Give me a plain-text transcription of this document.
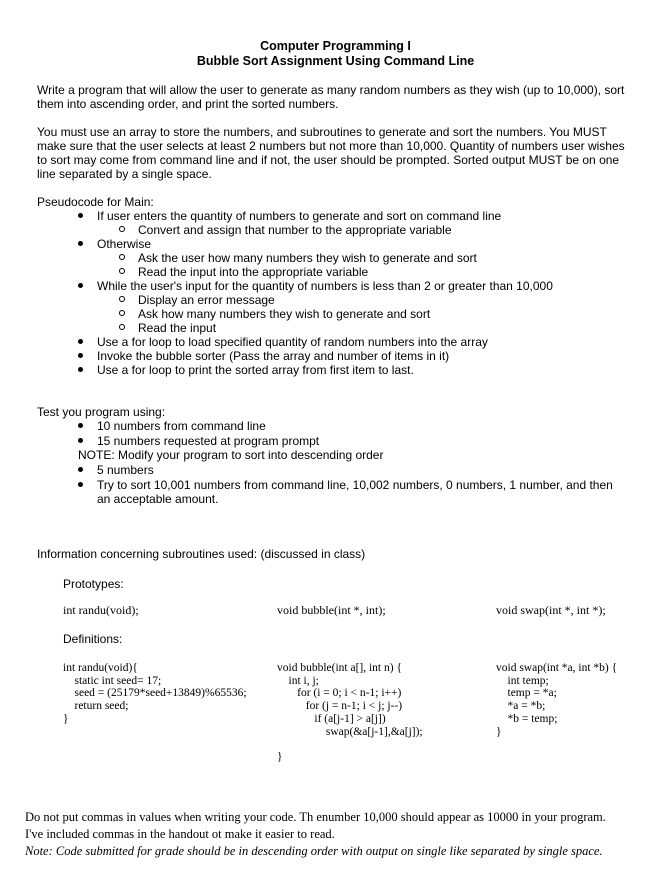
Computer Programming I
Bubble Sort Assignment Using Command Line
Write a program that will allow the user to generate as many random numbers as they wish (up to 10,000), sort them into ascending order, and print the sorted numbers.
You must use an array to store the numbers, and subroutines to generate and sort the numbers. You MUST make sure that the user selects at least 2 numbers but not more than 10,000. Quantity of numbers user wishes to sort may come from command line and if not, the user should be prompted. Sorted output MUST be on one line separated by a single space.
Pseudocode for Main:
If user enters the quantity of numbers to generate and sort on command line
Convert and assign that number to the appropriate variable
Otherwise
Ask the user how many numbers they wish to generate and sort
Read the input into the appropriate variable
While the user's input for the quantity of numbers is less than 2 or greater than 10,000
Display an error message
Ask how many numbers they wish to generate and sort
Read the input
Use a for loop to load specified quantity of random numbers into the array
Invoke the bubble sorter (Pass the array and number of items in it)
Use a for loop to print the sorted array from first item to last.
Test you program using:
10 numbers from command line
15 numbers requested at program prompt
NOTE: Modify your program to sort into descending order
5 numbers
Try to sort 10,001 numbers from command line, 10,002 numbers, 0 numbers, 1 number, and then
an acceptable amount.
Information concerning subroutines used: (discussed in class)
Prototypes:
int randu(void);	void bubble(int *, int);	void swap(int *, int *);
Definitions:
int randu(void){
static int seed= 17;
seed = (25179*seed+13849)%65536;
return seed;
}
void bubble(int a[], int n) {
int i, j;
for (i = 0; i < n-1; i++)
for (j = n-1; i < j; j--)
if (a[j-1] > a[j])
swap(&a[j-1],&a[j]);

}
void swap(int *a, int *b) {
int temp;
temp = *a;
*a = *b;
*b = temp;
}
Do not put commas in values when writing your code. Th enumber 10,000 should appear as 10000 in your program.
I've included commas in the handout ot make it easier to read.
Note: Code submitted for grade should be in descending order with output on single like separated by single space.
